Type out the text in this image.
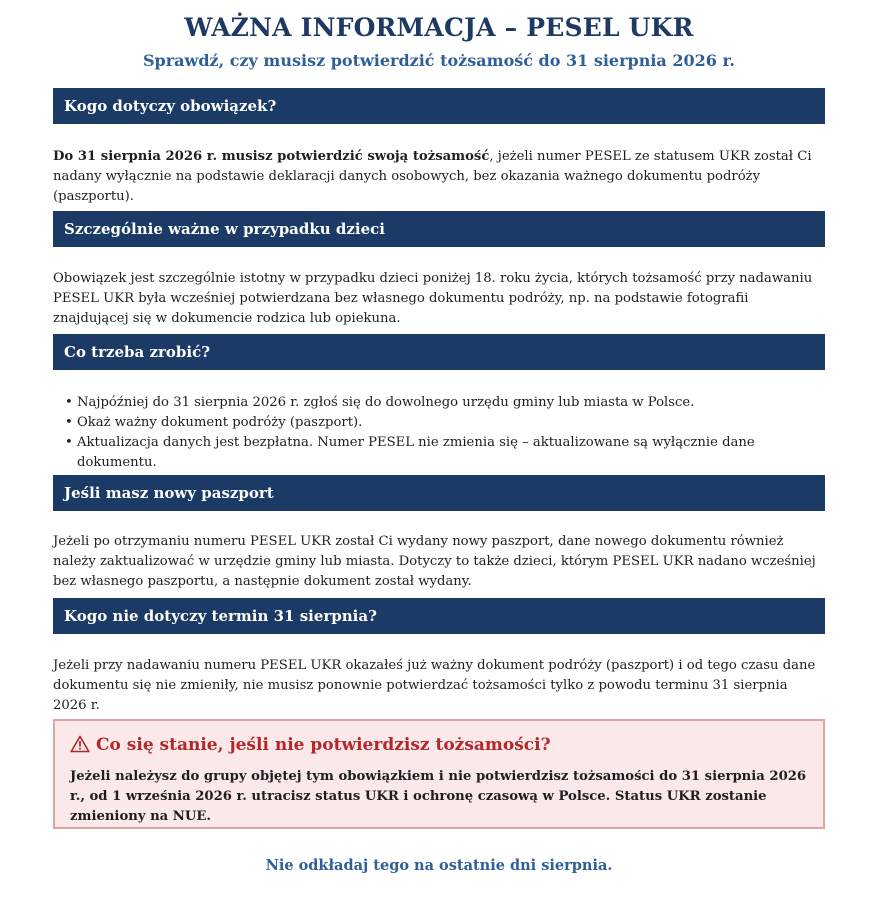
WAŻNA INFORMACJA – PESEL UKR
Sprawdź, czy musisz potwierdzić tożsamość do 31 sierpnia 2026 r.
Kogo dotyczy obowiązek?
Do 31 sierpnia 2026 r. musisz potwierdzić swoją tożsamość, jeżeli numer PESEL ze statusem UKR został Ci nadany wyłącznie na podstawie deklaracji danych osobowych, bez okazania ważnego dokumentu podróży (paszportu).
Szczególnie ważne w przypadku dzieci
Obowiązek jest szczególnie istotny w przypadku dzieci poniżej 18. roku życia, których tożsamość przy nadawaniu PESEL UKR była wcześniej potwierdzana bez własnego dokumentu podróży, np. na podstawie fotografii znajdującej się w dokumencie rodzica lub opiekuna.
Co trzeba zrobić?
• Najpóźniej do 31 sierpnia 2026 r. zgłoś się do dowolnego urzędu gminy lub miasta w Polsce.
• Okaż ważny dokument podróży (paszport).
• Aktualizacja danych jest bezpłatna. Numer PESEL nie zmienia się – aktualizowane są wyłącznie dane dokumentu.
Jeśli masz nowy paszport
Jeżeli po otrzymaniu numeru PESEL UKR został Ci wydany nowy paszport, dane nowego dokumentu również należy zaktualizować w urzędzie gminy lub miasta. Dotyczy to także dzieci, którym PESEL UKR nadano wcześniej bez własnego paszportu, a następnie dokument został wydany.
Kogo nie dotyczy termin 31 sierpnia?
Jeżeli przy nadawaniu numeru PESEL UKR okazałeś już ważny dokument podróży (paszport) i od tego czasu dane dokumentu się nie zmieniły, nie musisz ponownie potwierdzać tożsamości tylko z powodu terminu 31 sierpnia 2026 r.
Co się stanie, jeśli nie potwierdzisz tożsamości?
Jeżeli należysz do grupy objętej tym obowiązkiem i nie potwierdzisz tożsamości do 31 sierpnia 2026 r., od 1 września 2026 r. utracisz status UKR i ochronę czasową w Polsce. Status UKR zostanie zmieniony na NUE.
Nie odkładaj tego na ostatnie dni sierpnia.
